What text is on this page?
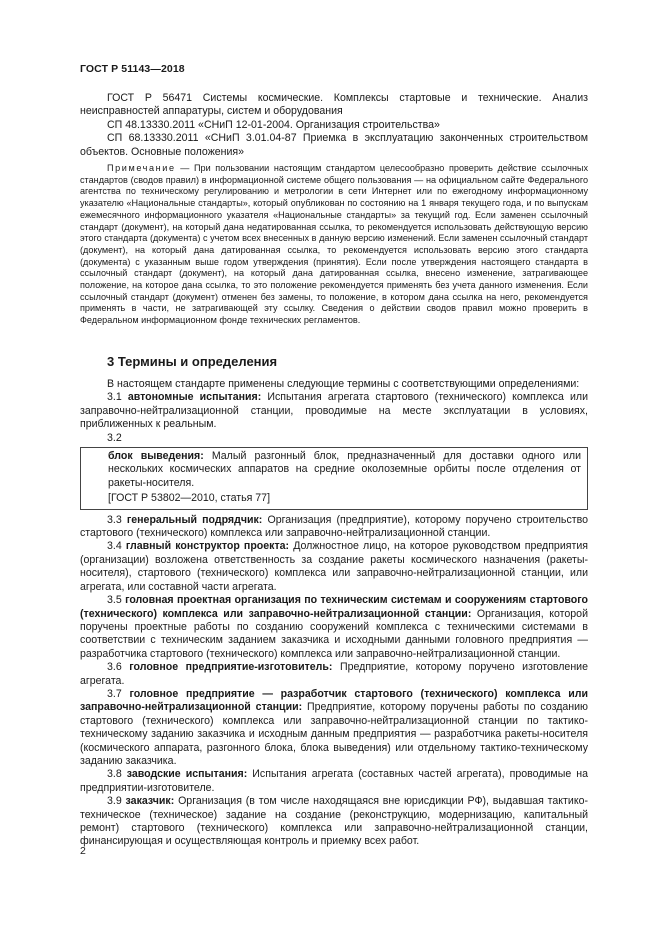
ГОСТ Р 51143—2018

ГОСТ Р 56471 Системы космические. Комплексы стартовые и технические. Анализ неисправностей аппаратуры, систем и оборудования

СП 48.13330.2011 «СНиП 12-01-2004. Организация строительства»

СП 68.13330.2011 «СНиП 3.01.04-87 Приемка в эксплуатацию законченных строительством объектов. Основные положения»

Примечание — При пользовании настоящим стандартом целесообразно проверить действие ссылочных стандартов (сводов правил) в информационной системе общего пользования — на официальном сайте Федерального агентства по техническому регулированию и метрологии в сети Интернет или по ежегодному информационному указателю «Национальные стандарты», который опубликован по состоянию на 1 января текущего года, и по выпускам ежемесячного информационного указателя «Национальные стандарты» за текущий год. Если заменен ссылочный стандарт (документ), на который дана недатированная ссылка, то рекомендуется использовать действующую версию этого стандарта (документа) с учетом всех внесенных в данную версию изменений. Если заменен ссылочный стандарт (документ), на который дана датированная ссылка, то рекомендуется использовать версию этого стандарта (документа) с указанным выше годом утверждения (принятия). Если после утверждения настоящего стандарта в ссылочный стандарт (документ), на который дана датированная ссылка, внесено изменение, затрагивающее положение, на которое дана ссылка, то это положение рекомендуется применять без учета данного изменения. Если ссылочный стандарт (документ) отменен без замены, то положение, в котором дана ссылка на него, рекомендуется применять в части, не затрагивающей эту ссылку. Сведения о действии сводов правил можно проверить в Федеральном информационном фонде технических регламентов.

3 Термины и определения

В настоящем стандарте применены следующие термины с соответствующими определениями:

3.1 автономные испытания: Испытания агрегата стартового (технического) комплекса или заправочно-нейтрализационной станции, проводимые на месте эксплуатации в условиях, приближенных к реальным.

3.2

блок выведения: Малый разгонный блок, предназначенный для доставки одного или нескольких космических аппаратов на средние околоземные орбиты после отделения от ракеты-носителя.

[ГОСТ Р 53802—2010, статья 77]

3.3 генеральный подрядчик: Организация (предприятие), которому поручено строительство стартового (технического) комплекса или заправочно-нейтрализационной станции.

3.4 главный конструктор проекта: Должностное лицо, на которое руководством предприятия (организации) возложена ответственность за создание ракеты космического назначения (ракеты-носителя), стартового (технического) комплекса или заправочно-нейтрализационной станции, или агрегата, или составной части агрегата.

3.5 головная проектная организация по техническим системам и сооружениям стартового (технического) комплекса или заправочно-нейтрализационной станции: Организация, которой поручены проектные работы по созданию сооружений комплекса с техническими системами в соответствии с техническим заданием заказчика и исходными данными головного предприятия — разработчика стартового (технического) комплекса или заправочно-нейтрализационной станции.

3.6 головное предприятие-изготовитель: Предприятие, которому поручено изготовление агрегата.

3.7 головное предприятие — разработчик стартового (технического) комплекса или заправочно-нейтрализационной станции: Предприятие, которому поручены работы по созданию стартового (технического) комплекса или заправочно-нейтрализационной станции по тактико-техническому заданию заказчика и исходным данным предприятия — разработчика ракеты-носителя (космического аппарата, разгонного блока, блока выведения) или отдельному тактико-техническому заданию заказчика.

3.8 заводские испытания: Испытания агрегата (составных частей агрегата), проводимые на предприятии-изготовителе.

3.9 заказчик: Организация (в том числе находящаяся вне юрисдикции РФ), выдавшая тактико-техническое (техническое) задание на создание (реконструкцию, модернизацию, капитальный ремонт) стартового (технического) комплекса или заправочно-нейтрализационной станции, финансирующая и осуществляющая контроль и приемку всех работ.

2
